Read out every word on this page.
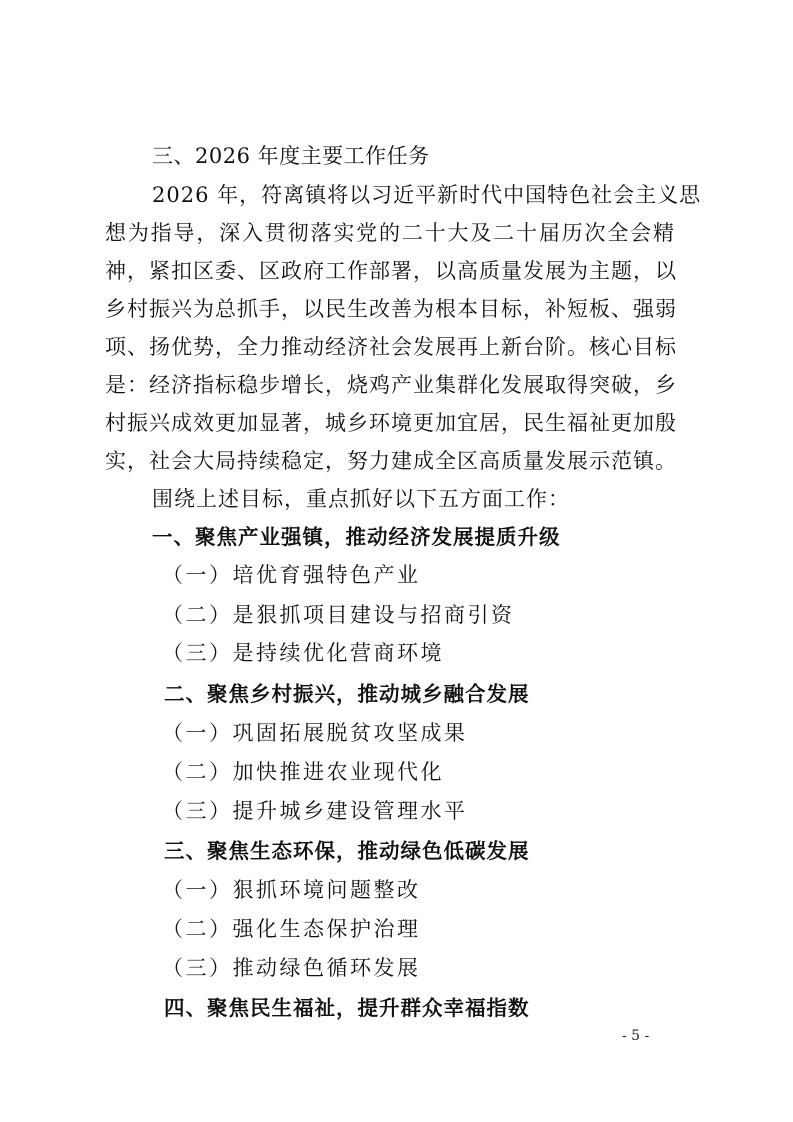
三、2026 年度主要工作任务
2026 年，符离镇将以习近平新时代中国特色社会主义思
想为指导，深入贯彻落实党的二十大及二十届历次全会精
神，紧扣区委、区政府工作部署，以高质量发展为主题，以
乡村振兴为总抓手，以民生改善为根本目标，补短板、强弱
项、扬优势，全力推动经济社会发展再上新台阶。核心目标
是：经济指标稳步增长，烧鸡产业集群化发展取得突破，乡
村振兴成效更加显著，城乡环境更加宜居，民生福祉更加殷
实，社会大局持续稳定，努力建成全区高质量发展示范镇。
围绕上述目标，重点抓好以下五方面工作：
一、聚焦产业强镇，推动经济发展提质升级
（一）培优育强特色产业
（二）是狠抓项目建设与招商引资
（三）是持续优化营商环境
二、聚焦乡村振兴，推动城乡融合发展
（一）巩固拓展脱贫攻坚成果
（二）加快推进农业现代化
（三）提升城乡建设管理水平
三、聚焦生态环保，推动绿色低碳发展
（一）狠抓环境问题整改
（二）强化生态保护治理
（三）推动绿色循环发展
四、聚焦民生福祉，提升群众幸福指数
- 5 -
